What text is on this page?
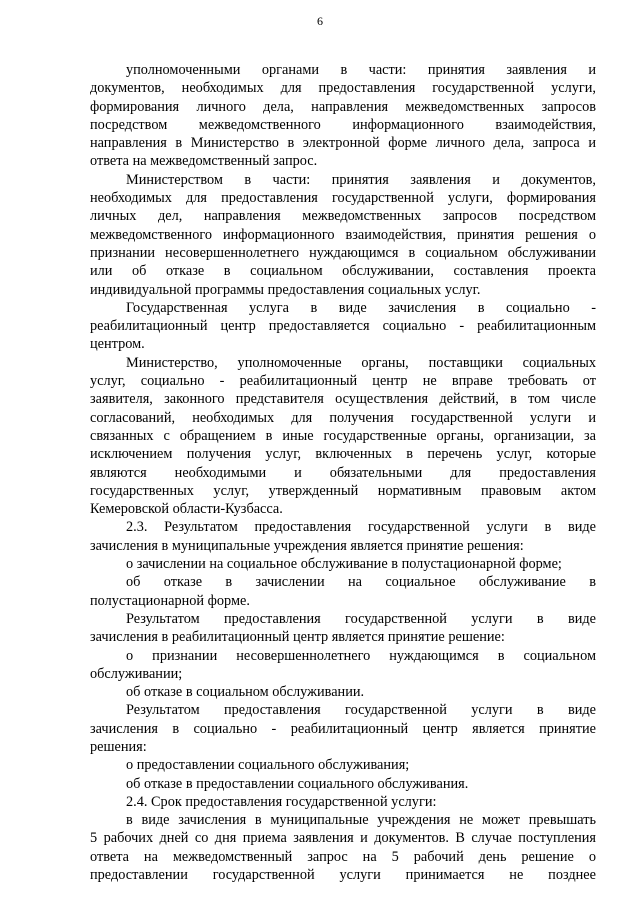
6
уполномоченными органами в части: принятия заявления и
документов, необходимых для предоставления государственной услуги,
формирования личного дела, направления межведомственных запросов
посредством межведомственного информационного взаимодействия,
направления в Министерство в электронной форме личного дела, запроса и
ответа на межведомственный запрос.
Министерством в части: принятия заявления и документов,
необходимых для предоставления государственной услуги, формирования
личных дел, направления межведомственных запросов посредством
межведомственного информационного взаимодействия, принятия решения о
признании несовершеннолетнего нуждающимся в социальном обслуживании
или об отказе в социальном обслуживании, составления проекта
индивидуальной программы предоставления социальных услуг.
Государственная услуга в виде зачисления в социально -
реабилитационный центр предоставляется социально - реабилитационным
центром.
Министерство, уполномоченные органы, поставщики социальных
услуг, социально - реабилитационный центр не вправе требовать от
заявителя, законного представителя осуществления действий, в том числе
согласований, необходимых для получения государственной услуги и
связанных с обращением в иные государственные органы, организации, за
исключением получения услуг, включенных в перечень услуг, которые
являются необходимыми и обязательными для предоставления
государственных услуг, утвержденный нормативным правовым актом
Кемеровской области-Кузбасса.
2.3. Результатом предоставления государственной услуги в виде
зачисления в муниципальные учреждения является принятие решения:
о зачислении на социальное обслуживание в полустационарной форме;
об отказе в зачислении на социальное обслуживание в
полустационарной форме.
Результатом предоставления государственной услуги в виде
зачисления в реабилитационный центр является принятие решение:
о признании несовершеннолетнего нуждающимся в социальном
обслуживании;
об отказе в социальном обслуживании.
Результатом предоставления государственной услуги в виде
зачисления в социально - реабилитационный центр является принятие
решения:
о предоставлении социального обслуживания;
об отказе в предоставлении социального обслуживания.
2.4. Срок предоставления государственной услуги:
в виде зачисления в муниципальные учреждения не может превышать
5 рабочих дней со дня приема заявления и документов. В случае поступления
ответа на межведомственный запрос на 5 рабочий день решение о
предоставлении государственной услуги принимается не позднее
